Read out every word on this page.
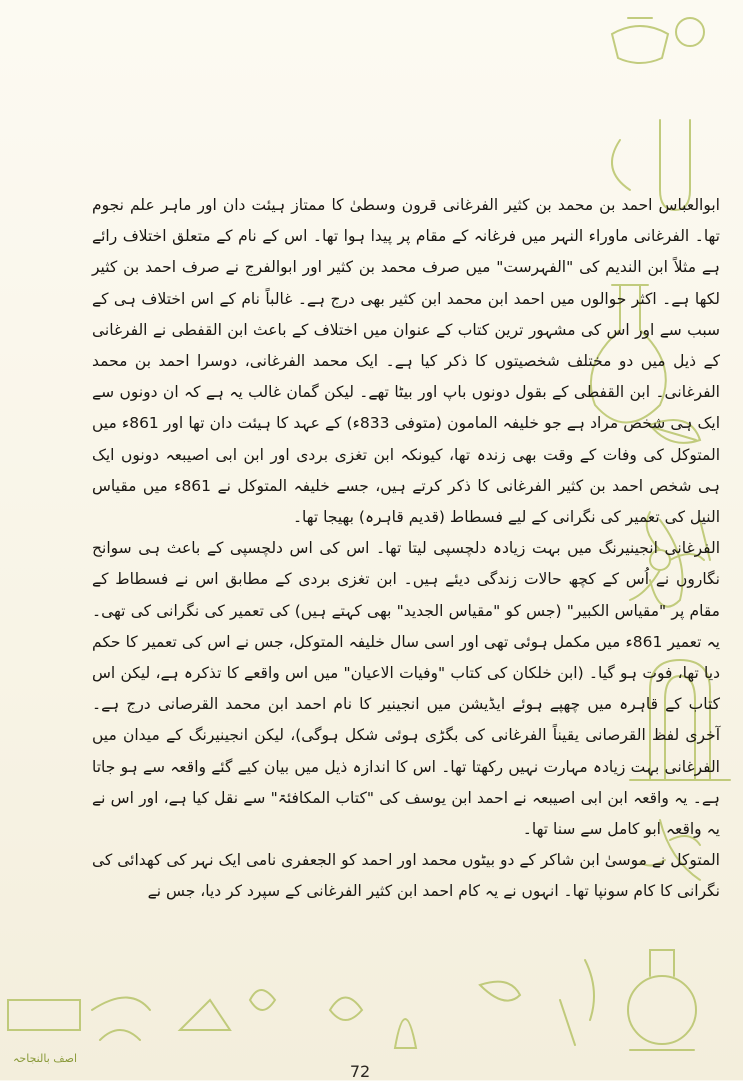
ابوالعباس احمد بن محمد بن کثیر الفرغانی قرون وسطیٰ کا ممتاز ہیئت دان اور ماہر علم نجوم تھا۔ الفرغانی ماوراء النہر میں فرغانہ کے مقام پر پیدا ہوا تھا۔ اس کے نام کے متعلق اختلاف رائے ہے مثلاً ابن الندیم کی "الفہرست" میں صرف محمد بن کثیر اور ابوالفرج نے صرف احمد بن کثیر لکھا ہے۔ اکثر حوالوں میں احمد ابن محمد ابن کثیر بھی درج ہے۔ غالباً نام کے اس اختلاف ہی کے سبب سے اور اس کی مشہور ترین کتاب کے عنوان میں اختلاف کے باعث ابن القفطی نے الفرغانی کے ذیل میں دو مختلف شخصیتوں کا ذکر کیا ہے۔ ایک محمد الفرغانی، دوسرا احمد بن محمد الفرغانی۔ ابن القفطی کے بقول دونوں باپ اور بیٹا تھے۔ لیکن گمان غالب یہ ہے کہ ان دونوں سے ایک ہی شخص مراد ہے جو خلیفہ المامون (متوفی 833ء) کے عہد کا ہیئت دان تھا اور 861ء میں المتوکل کی وفات کے وقت بھی زندہ تھا، کیونکہ ابن تغزی بردی اور ابن ابی اصیبعہ دونوں ایک ہی شخص احمد بن کثیر الفرغانی کا ذکر کرتے ہیں، جسے خلیفہ المتوکل نے 861ء میں مقیاس النیل کی تعمیر کی نگرانی کے لیے فسطاط (قدیم قاہرہ) بھیجا تھا۔

الفرغانی انجینیرنگ میں بہت زیادہ دلچسپی لیتا تھا۔ اس کی اس دلچسپی کے باعث ہی سوانح نگاروں نے اُس کے کچھ حالات زندگی دیئے ہیں۔ ابن تغزی بردی کے مطابق اس نے فسطاط کے مقام پر "مقیاس الکبیر" (جس کو "مقیاس الجدید" بھی کہتے ہیں) کی تعمیر کی نگرانی کی تھی۔ یہ تعمیر 861ء میں مکمل ہوئی تھی اور اسی سال خلیفہ المتوکل، جس نے اس کی تعمیر کا حکم دیا تھا، فوت ہو گیا۔ (ابن خلکان کی کتاب "وفیات الاعیان" میں اس واقعے کا تذکرہ ہے، لیکن اس کتاب کے قاہرہ میں چھپے ہوئے ایڈیشن میں انجینیر کا نام احمد ابن محمد القرصانی درج ہے۔ آخری لفظ القرصانی یقیناً الفرغانی کی بگڑی ہوئی شکل ہوگی)، لیکن انجینیرنگ کے میدان میں الفرغانی بہت زیادہ مہارت نہیں رکھتا تھا۔ اس کا اندازہ ذیل میں بیان کیے گئے واقعہ سے ہو جاتا ہے۔ یہ واقعہ ابن ابی اصیبعہ نے احمد ابن یوسف کی "کتاب المکافئۃ" سے نقل کیا ہے، اور اس نے یہ واقعہ ابو کامل سے سنا تھا۔

المتوکل نے موسیٰ ابن شاکر کے دو بیٹوں محمد اور احمد کو الجعفری نامی ایک نہر کی کھدائی کی نگرانی کا کام سونپا تھا۔ انہوں نے یہ کام احمد ابن کثیر الفرغانی کے سپرد کر دیا، جس نے

اصف بالنجاحہ
72
